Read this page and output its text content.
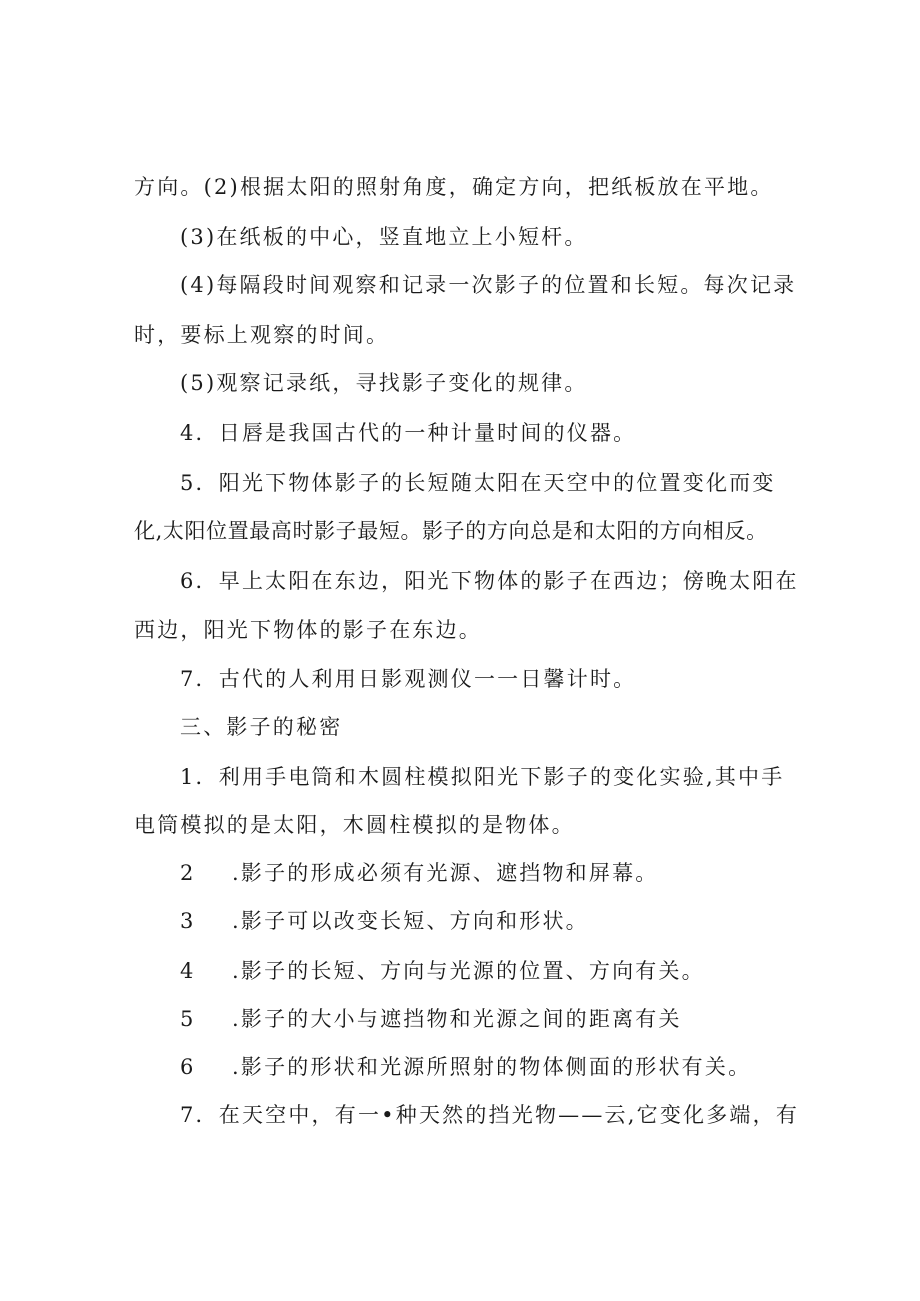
方向。(2)根据太阳的照射角度，确定方向，把纸板放在平地。
(3)在纸板的中心，竖直地立上小短杆。
(4)每隔段时间观察和记录一次影子的位置和长短。每次记录
时，要标上观察的时间。
(5)观察记录纸，寻找影子变化的规律。
4．日唇是我国古代的一种计量时间的仪器。
5．阳光下物体影子的长短随太阳在天空中的位置变化而变
化,太阳位置最高时影子最短。影子的方向总是和太阳的方向相反。
6．早上太阳在东边，阳光下物体的影子在西边；傍晚太阳在
西边，阳光下物体的影子在东边。
7．古代的人利用日影观测仪一一日馨计时。
三、影子的秘密
1．利用手电筒和木圆柱模拟阳光下影子的变化实验,其中手
电筒模拟的是太阳，木圆柱模拟的是物体。
2 .影子的形成必须有光源、遮挡物和屏幕。
3 .影子可以改变长短、方向和形状。
4 .影子的长短、方向与光源的位置、方向有关。
5 .影子的大小与遮挡物和光源之间的距离有关
6 .影子的形状和光源所照射的物体侧面的形状有关。
7．在天空中，有一•种天然的挡光物——云,它变化多端，有
